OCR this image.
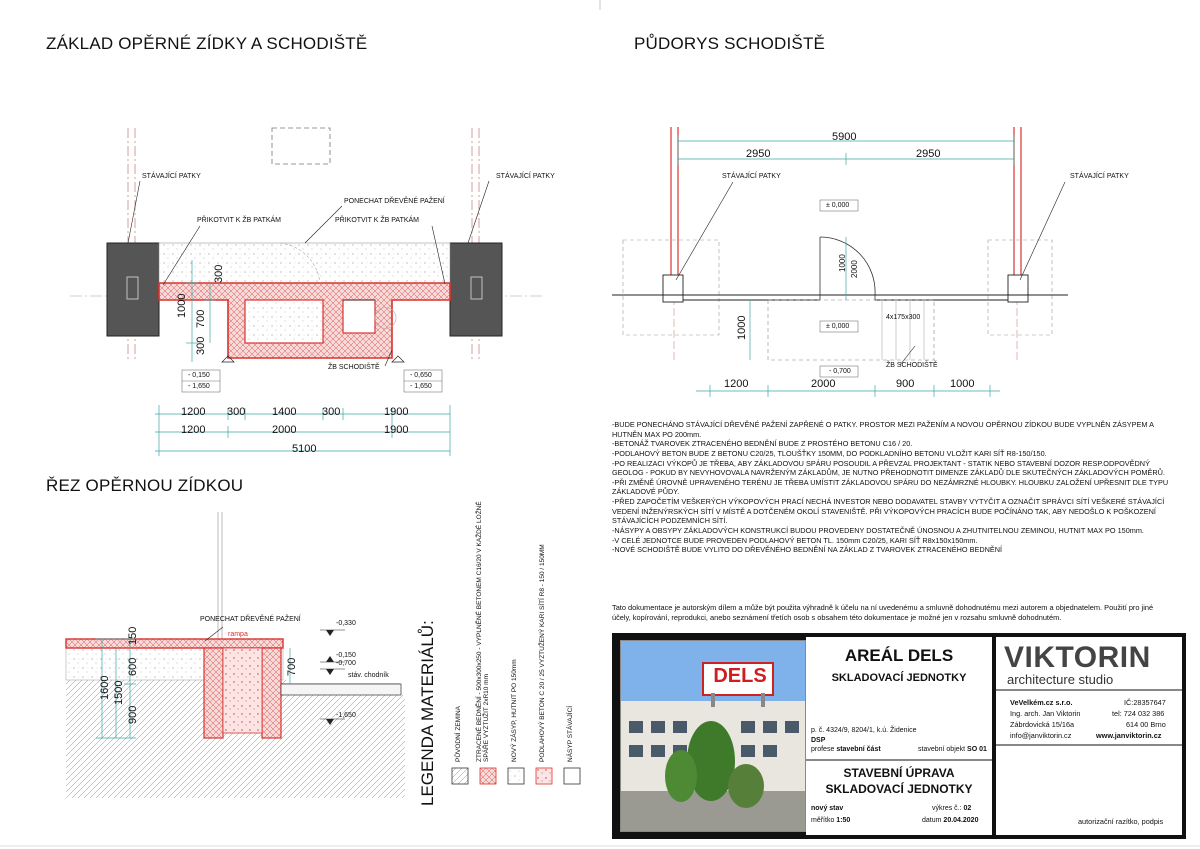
ZÁKLAD OPĚRNÉ ZÍDKY A SCHODIŠTĚ	PŮDORYS SCHODIŠTĚ
ŘEZ OPĚRNOU ZÍDKOU
STÁVAJÍCÍ PATKY	STÁVAJÍCÍ PATKY
PONECHAT DŘEVĚNÉ PAŽENÍ
PŘIKOTVIT K ŽB PATKÁM	PŘIKOTVIT K ŽB PATKÁM
ŽB SCHODIŠTĚ
- 0,150
- 1,650
- 0,650
- 1,650
1000
700
300
300
1200 300 1400 300	1900
1200	2000	1900
5100
5900
2950	2950
STÁVAJÍCÍ PATKY	STÁVAJÍCÍ PATKY
± 0,000
± 0,000
- 0,700
4x175x300
ŽB SCHODIŠTĚ
1000 2000
1000
1200	2000	900	1000
PONECHAT DŘEVĚNÉ PAŽENÍ
rampa
-0,330
-0,150
-0,700
stáv. chodník
-1,650
150
600	700
1500
1600
900	LEGENDA MATERIÁLŮ:	PŮVODNÍ ZEMINA ZTRACENÉ BEDNĚNÍ - 500x300x250 - VYPLNĚNÉ BETONEM C16/20 V KAŽDÉ LOŽNÉ SPÁŘE VYZTUŽIT 2xR10 mm	NOVÝ ZÁSYP, HUTNIT PO 150mm	PODLAHOVÝ BETON C 20 / 25 VYZTUŽENÝ KARI SÍTÍ R8 - 150 / 150MM	NÁSYP STÁVAJÍCÍ

-BUDE PONECHÁNO STÁVAJÍCÍ DŘEVĚNÉ PAŽENÍ ZAPŘENÉ O PATKY. PROSTOR MEZI PAŽENÍM A NOVOU OPĚRNOU ZÍDKOU BUDE VYPLNĚN ZÁSYPEM A HUTNĚN MAX PO 200mm.

-BETONÁŽ TVAROVEK ZTRACENÉHO BEDNĚNÍ BUDE Z PROSTÉHO BETONU C16 / 20.

-PODLAHOVÝ BETON BUDE Z BETONU C20/25, TLOUŠŤKY 150MM, DO PODKLADNÍHO BETONU VLOŽIT KARI SÍŤ R8-150/150.

-PO REALIZACI VÝKOPŮ JE TŘEBA, ABY ZÁKLADOVOU SPÁRU POSOUDIL A PŘEVZAL PROJEKTANT - STATIK NEBO STAVEBNÍ DOZOR RESP.ODPOVĚDNÝ GEOLOG - POKUD BY NEVYHOVOVALA NAVRŽENÝM ZÁKLADŮM, JE NUTNO PŘEHODNOTIT DIMENZE ZÁKLADŮ DLE SKUTEČNÝCH ZÁKLADOVÝCH POMĚRŮ.

-PŘI ZMĚNĚ ÚROVNĚ UPRAVENÉHO TERÉNU JE TŘEBA UMÍSTIT ZÁKLADOVOU SPÁRU DO NEZÁMRZNÉ HLOUBKY. HLOUBKU ZALOŽENÍ UPŘESNIT DLE TYPU ZÁKLADOVÉ PŮDY.

-PŘED ZAPOČETÍM VEŠKERÝCH VÝKOPOVÝCH PRACÍ NECHÁ INVESTOR NEBO DODAVATEL STAVBY VYTYČIT A OZNAČIT SPRÁVCI SÍTÍ VEŠKERÉ STÁVAJÍCÍ VEDENÍ INŽENÝRSKÝCH SÍTÍ V MÍSTĚ A DOTČENÉM OKOLÍ STAVENIŠTĚ. PŘI VÝKOPOVÝCH PRACÍCH BUDE POČÍNÁNO TAK, ABY NEDOŠLO K POŠKOZENÍ STÁVAJÍCÍCH PODZEMNÍCH SÍTÍ.

-NÁSYPY A OBSYPY ZÁKLADOVÝCH KONSTRUKCÍ BUDOU PROVEDENY DOSTATEČNĚ ÚNOSNOU A ZHUTNITELNOU ZEMINOU, HUTNIT MAX PO 150mm.

-V CELÉ JEDNOTCE BUDE PROVEDEN PODLAHOVÝ BETON TL. 150mm C20/25, KARI SÍŤ R8x150x150mm.

-NOVÉ SCHODIŠTĚ BUDE VYLITO DO DŘEVĚNÉHO BEDNĚNÍ NA ZÁKLAD Z TVAROVEK ZTRACENÉHO BEDNĚNÍ

Tato dokumentace je autorským dílem a může být použita výhradně k účelu na ní uvedenému a smluvně dohodnutému mezi autorem a objednatelem. Použití pro jiné účely, kopírování, reprodukci, anebo seznámení třetích osob s obsahem této dokumentace je možné jen v rozsahu smluvně dohodnutém.

DELS
AREÁL DELS
SKLADOVACÍ JEDNOTKY
p. č. 4324/9, 8204/1, k.ú. Židenice
DSP
profese stavební část	stavební objekt SO 01
STAVEBNÍ ÚPRAVA
SKLADOVACÍ JEDNOTKY
nový stav	výkres č.: 02
měřítko 1:50	datum 20.04.2020
VIKTORIN
architecture studio
VeVelkém.cz s.r.o.	IČ:28357647
Ing. arch. Jan Viktorin	tel: 724 032 386
Zábrdovická 15/16a	614 00 Brno
info@janviktorin.cz	www.janviktorin.cz
autorizační razítko, podpis
